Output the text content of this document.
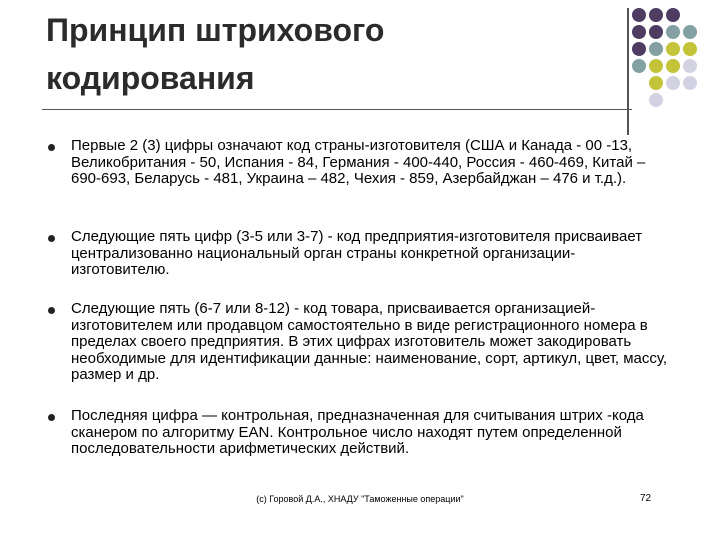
Принцип штрихового
кодирования
Первые 2 (3) цифры означают код страны-изготовителя (США и Канада - 00 -13, Великобритания - 50, Испания - 84, Германия - 400-440, Россия - 460-469, Китай – 690-693, Беларусь - 481, Украина – 482, Чехия - 859, Азербайджан – 476 и т.д.).
Следующие пять цифр (3-5 или 3-7) - код предприятия-изготовителя присваивает централизованно национальный орган страны конкретной организации-изготовителю.
Следующие пять (6-7 или 8-12) - код товара, присваивается организацией-изготовителем или продавцом самостоятельно в виде регистрационного номера в пределах своего предприятия. В этих цифрах изготовитель может закодировать необходимые для идентификации данные: наименование, сорт, артикул, цвет, массу, размер и др.
Последняя цифра — контрольная, предназначенная для считывания штрих -кода сканером по алгоритму EAN. Контрольное число находят путем определенной последовательности арифметических действий.
(c) Горовой Д.А., ХНАДУ "Таможенные операции"	72
